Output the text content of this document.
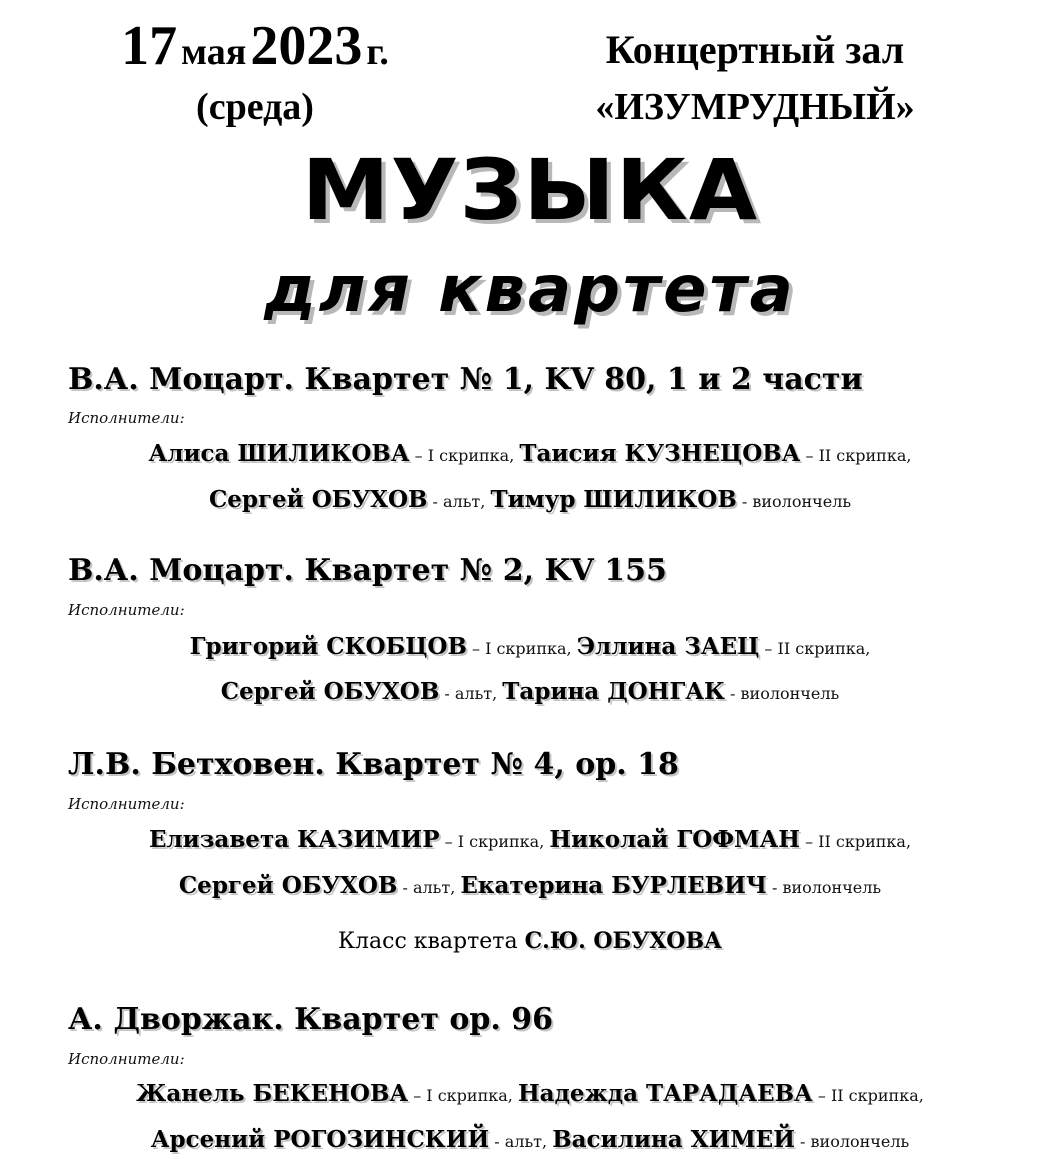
17 мая 2023 г.
(среда)
Концертный зал
«ИЗУМРУДНЫЙ»
МУЗЫКА
для квартета
В.А. Моцарт. Квартет № 1, KV 80, 1 и 2 части
Исполнители:
Алиса ШИЛИКОВА – I скрипка, Таисия КУЗНЕЦОВА – II скрипка,
Сергей ОБУХОВ - альт, Тимур ШИЛИКОВ - виолончель
В.А. Моцарт. Квартет № 2, KV 155
Исполнители:
Григорий СКОБЦОВ – I скрипка, Эллина ЗАЕЦ – II скрипка,
Сергей ОБУХОВ - альт, Тарина ДОНГАК - виолончель
Л.В. Бетховен. Квартет № 4, ор. 18
Исполнители:
Елизавета КАЗИМИР – I скрипка, Николай ГОФМАН – II скрипка,
Сергей ОБУХОВ - альт, Екатерина БУРЛЕВИЧ - виолончель
Класс квартета С.Ю. ОБУХОВА
А. Дворжак. Квартет ор. 96
Исполнители:
Жанель БЕКЕНОВА – I скрипка, Надежда ТАРАДАЕВА – II скрипка,
Арсений РОГОЗИНСКИЙ - альт, Василина ХИМЕЙ - виолончель
